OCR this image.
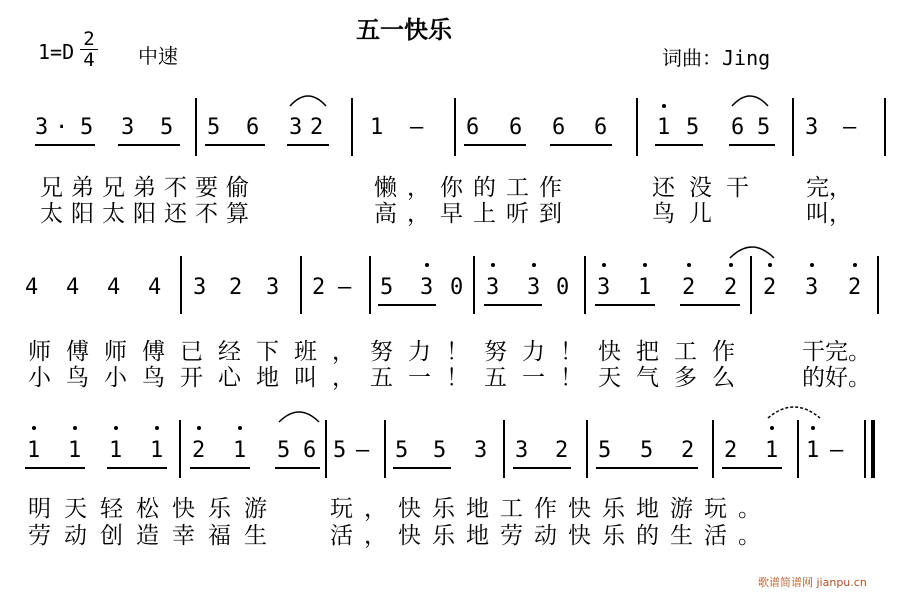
五一快乐
1=D
2
4 中速	词曲：Jing
3 · 5 3 5 5 6 3 2 1 – 6 6 6 6 1 5 6 5 3 –
兄弟兄弟不要偷	懒，你的工作	还没干 完，
太阳太阳还不算	高，早上听到	鸟儿	叫，
4 4 4 4 3 2 3 2 – 5 3 0 3 3 0 3 1 2 2 2 3 2
师傅师傅已经下班，努力！努力！快把工作 干完。
小鸟小鸟开心地叫，五一！五一！天气多么 的好。
1 1 1 1 2 1 5 6 5 – 5 5 3 3 2 5 5 2 2 1 1 –
明天轻松快乐游 玩，快乐地工作快乐地游玩。
劳动创造幸福生 活，快乐地劳动快乐的生活。
歌谱简谱网 jianpu.cn
